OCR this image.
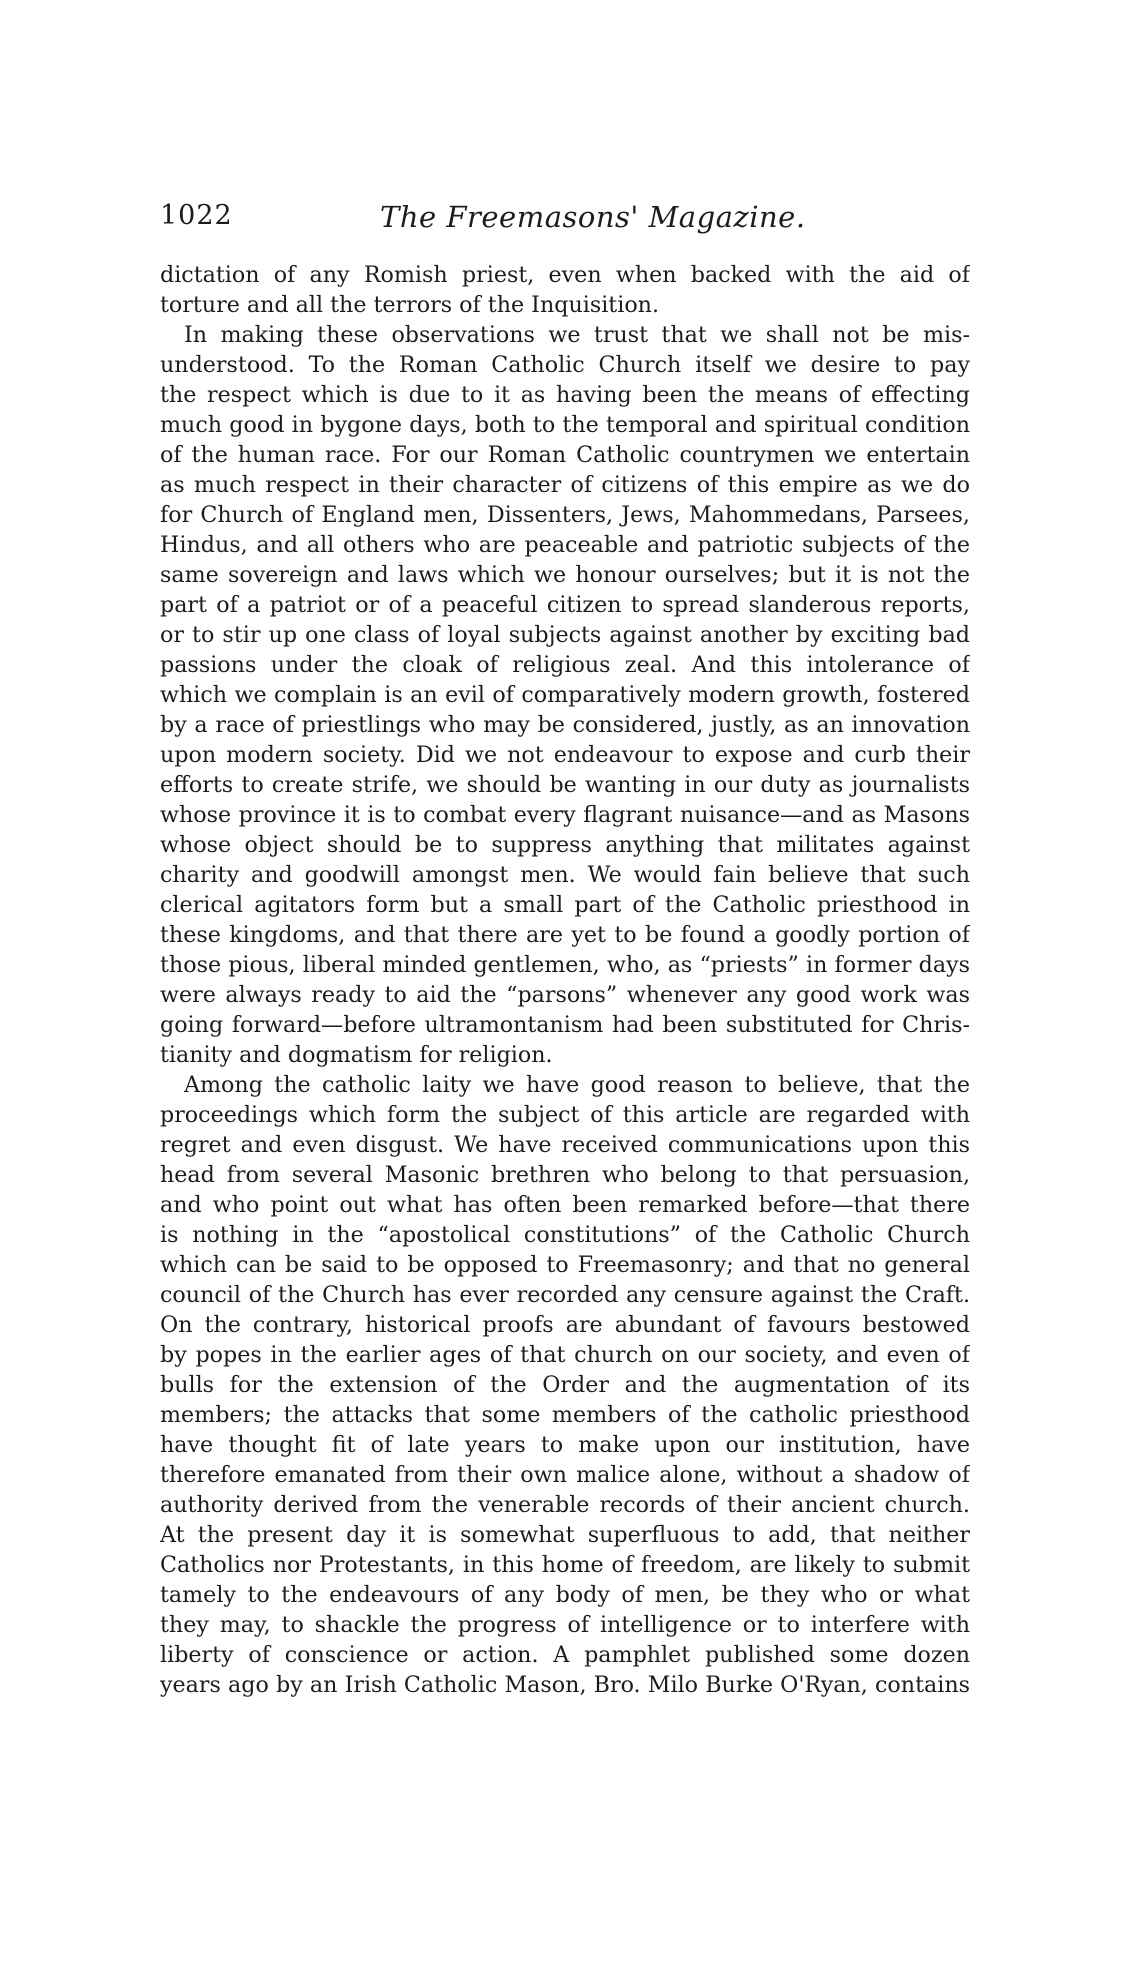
1022	The Freemasons' Magazine.
dictation of any Romish priest, even when backed with the aid of
torture and all the terrors of the Inquisition.
In making these observations we trust that we shall not be mis-
understood. To the Roman Catholic Church itself we desire to pay
the respect which is due to it as having been the means of effecting
much good in bygone days, both to the temporal and spiritual condition
of the human race. For our Roman Catholic countrymen we entertain
as much respect in their character of citizens of this empire as we do
for Church of England men, Dissenters, Jews, Mahommedans, Parsees,
Hindus, and all others who are peaceable and patriotic subjects of the
same sovereign and laws which we honour ourselves; but it is not the
part of a patriot or of a peaceful citizen to spread slanderous reports,
or to stir up one class of loyal subjects against another by exciting bad
passions under the cloak of religious zeal. And this intolerance of
which we complain is an evil of comparatively modern growth, fostered
by a race of priestlings who may be considered, justly, as an innovation
upon modern society. Did we not endeavour to expose and curb their
efforts to create strife, we should be wanting in our duty as journalists
whose province it is to combat every flagrant nuisance—and as Masons
whose object should be to suppress anything that militates against
charity and goodwill amongst men. We would fain believe that such
clerical agitators form but a small part of the Catholic priesthood in
these kingdoms, and that there are yet to be found a goodly portion of
those pious, liberal minded gentlemen, who, as “priests” in former days
were always ready to aid the “parsons” whenever any good work was
going forward—before ultramontanism had been substituted for Chris-
tianity and dogmatism for religion.
Among the catholic laity we have good reason to believe, that the
proceedings which form the subject of this article are regarded with
regret and even disgust. We have received communications upon this
head from several Masonic brethren who belong to that persuasion,
and who point out what has often been remarked before—that there
is nothing in the “apostolical constitutions” of the Catholic Church
which can be said to be opposed to Freemasonry; and that no general
council of the Church has ever recorded any censure against the Craft.
On the contrary, historical proofs are abundant of favours bestowed
by popes in the earlier ages of that church on our society, and even of
bulls for the extension of the Order and the augmentation of its
members; the attacks that some members of the catholic priesthood
have thought fit of late years to make upon our institution, have
therefore emanated from their own malice alone, without a shadow of
authority derived from the venerable records of their ancient church.
At the present day it is somewhat superfluous to add, that neither
Catholics nor Protestants, in this home of freedom, are likely to submit
tamely to the endeavours of any body of men, be they who or what
they may, to shackle the progress of intelligence or to interfere with
liberty of conscience or action. A pamphlet published some dozen
years ago by an Irish Catholic Mason, Bro. Milo Burke O'Ryan, contains
